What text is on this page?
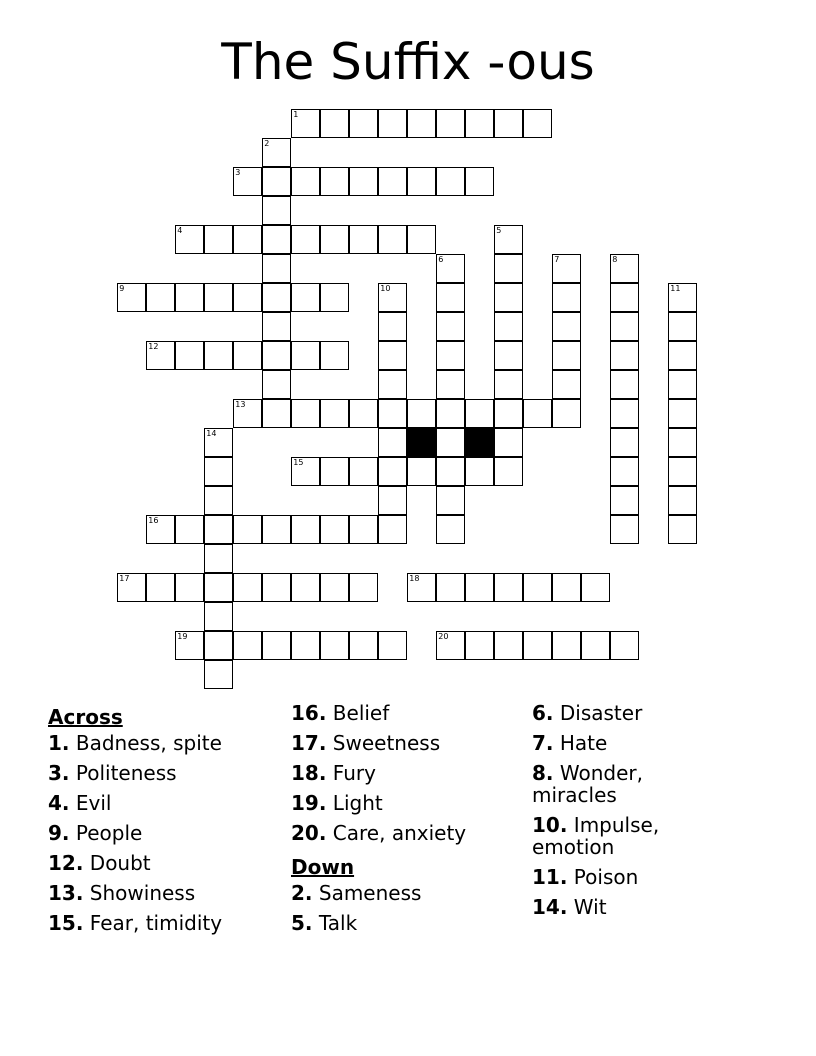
The Suffix -ous
1
3
4
9
12
13
15
16
17	18
19	20
2
5
6	7	8
10	11
14
Across
1. Badness, spite
3. Politeness
4. Evil
9. People
12. Doubt
13. Showiness
15. Fear, timidity
16. Belief
17. Sweetness
18. Fury
19. Light
20. Care, anxiety
Down
2. Sameness
5. Talk
6. Disaster
7. Hate
8. Wonder, miracles
10. Impulse, emotion
11. Poison
14. Wit
